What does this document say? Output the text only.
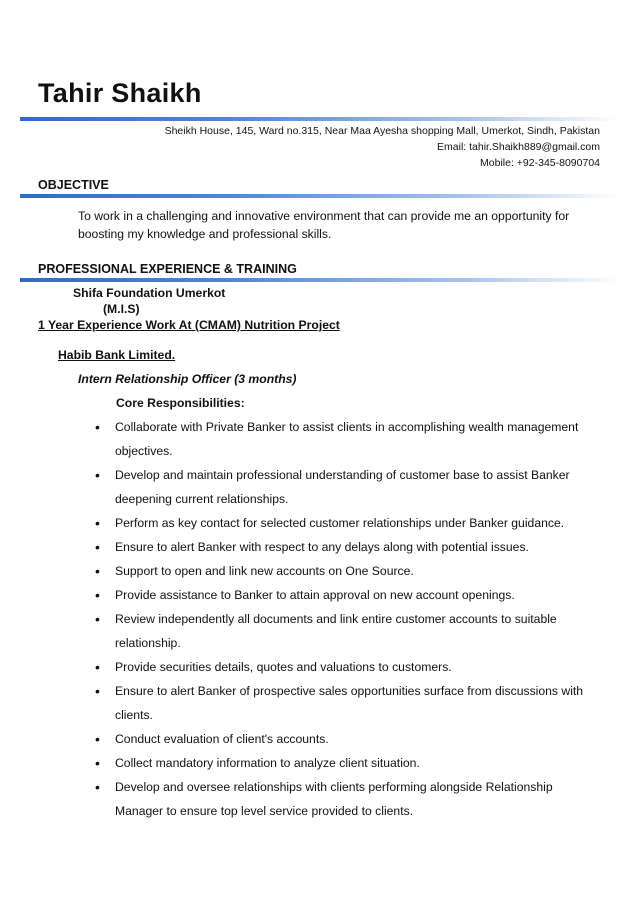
Tahir Shaikh
Sheikh House, 145, Ward no.315, Near Maa Ayesha shopping Mall, Umerkot, Sindh, Pakistan
Email: tahir.Shaikh889@gmail.com
Mobile: +92-345-8090704
OBJECTIVE
To work in a challenging and innovative environment that can provide me an opportunity for
boosting my knowledge and professional skills.
PROFESSIONAL EXPERIENCE & TRAINING
Shifa Foundation Umerkot
(M.I.S)
1 Year Experience Work At (CMAM) Nutrition Project
Habib Bank Limited.
Intern Relationship Officer (3 months)
Core Responsibilities:
• Collaborate with Private Banker to assist clients in accomplishing wealth management objectives.
• Develop and maintain professional understanding of customer base to assist Banker deepening current relationships.
• Perform as key contact for selected customer relationships under Banker guidance.
• Ensure to alert Banker with respect to any delays along with potential issues.
• Support to open and link new accounts on One Source.
• Provide assistance to Banker to attain approval on new account openings.
• Review independently all documents and link entire customer accounts to suitable relationship.
• Provide securities details, quotes and valuations to customers.
• Ensure to alert Banker of prospective sales opportunities surface from discussions with clients.
• Conduct evaluation of client's accounts.
• Collect mandatory information to analyze client situation.
• Develop and oversee relationships with clients performing alongside Relationship Manager to ensure top level service provided to clients.
